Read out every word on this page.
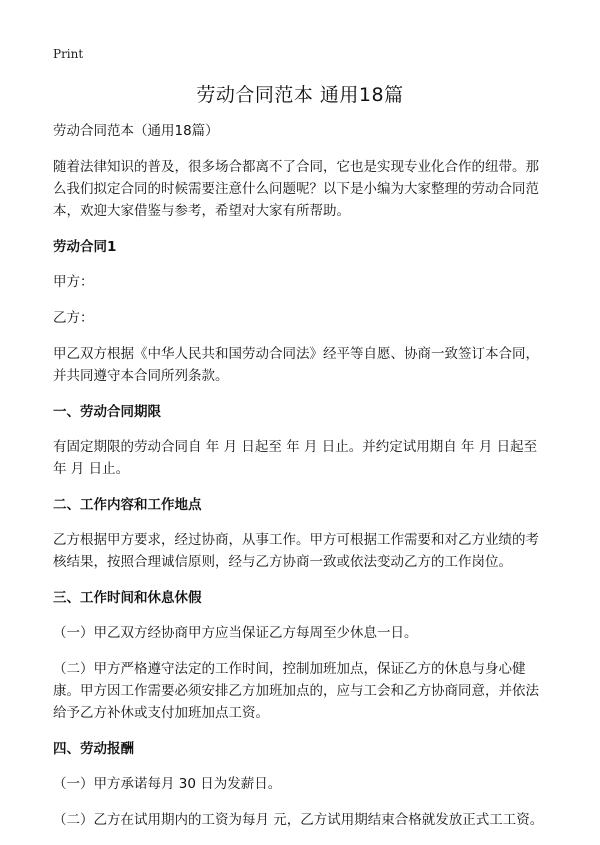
Print
劳动合同范本 通用18篇

劳动合同范本（通用18篇）

随着法律知识的普及，很多场合都离不了合同，它也是实现专业化合作的纽带。那么我们拟定合同的时候需要注意什么问题呢？以下是小编为大家整理的劳动合同范本，欢迎大家借鉴与参考，希望对大家有所帮助。

劳动合同1

甲方：

乙方：

甲乙双方根据《中华人民共和国劳动合同法》经平等自愿、协商一致签订本合同，并共同遵守本合同所列条款。

一、劳动合同期限

有固定期限的劳动合同自 年 月 日起至 年 月 日止。并约定试用期自 年 月 日起至 年 月 日止。

二、工作内容和工作地点

乙方根据甲方要求，经过协商，从事工作。甲方可根据工作需要和对乙方业绩的考核结果，按照合理诚信原则，经与乙方协商一致或依法变动乙方的工作岗位。

三、工作时间和休息休假

（一）甲乙双方经协商甲方应当保证乙方每周至少休息一日。

（二）甲方严格遵守法定的工作时间，控制加班加点，保证乙方的休息与身心健康。甲方因工作需要必须安排乙方加班加点的，应与工会和乙方协商同意，并依法给予乙方补休或支付加班加点工资。

四、劳动报酬

（一）甲方承诺每月 30 日为发薪日。

（二）乙方在试用期内的工资为每月 元，乙方试用期结束合格就发放正式工工资。
